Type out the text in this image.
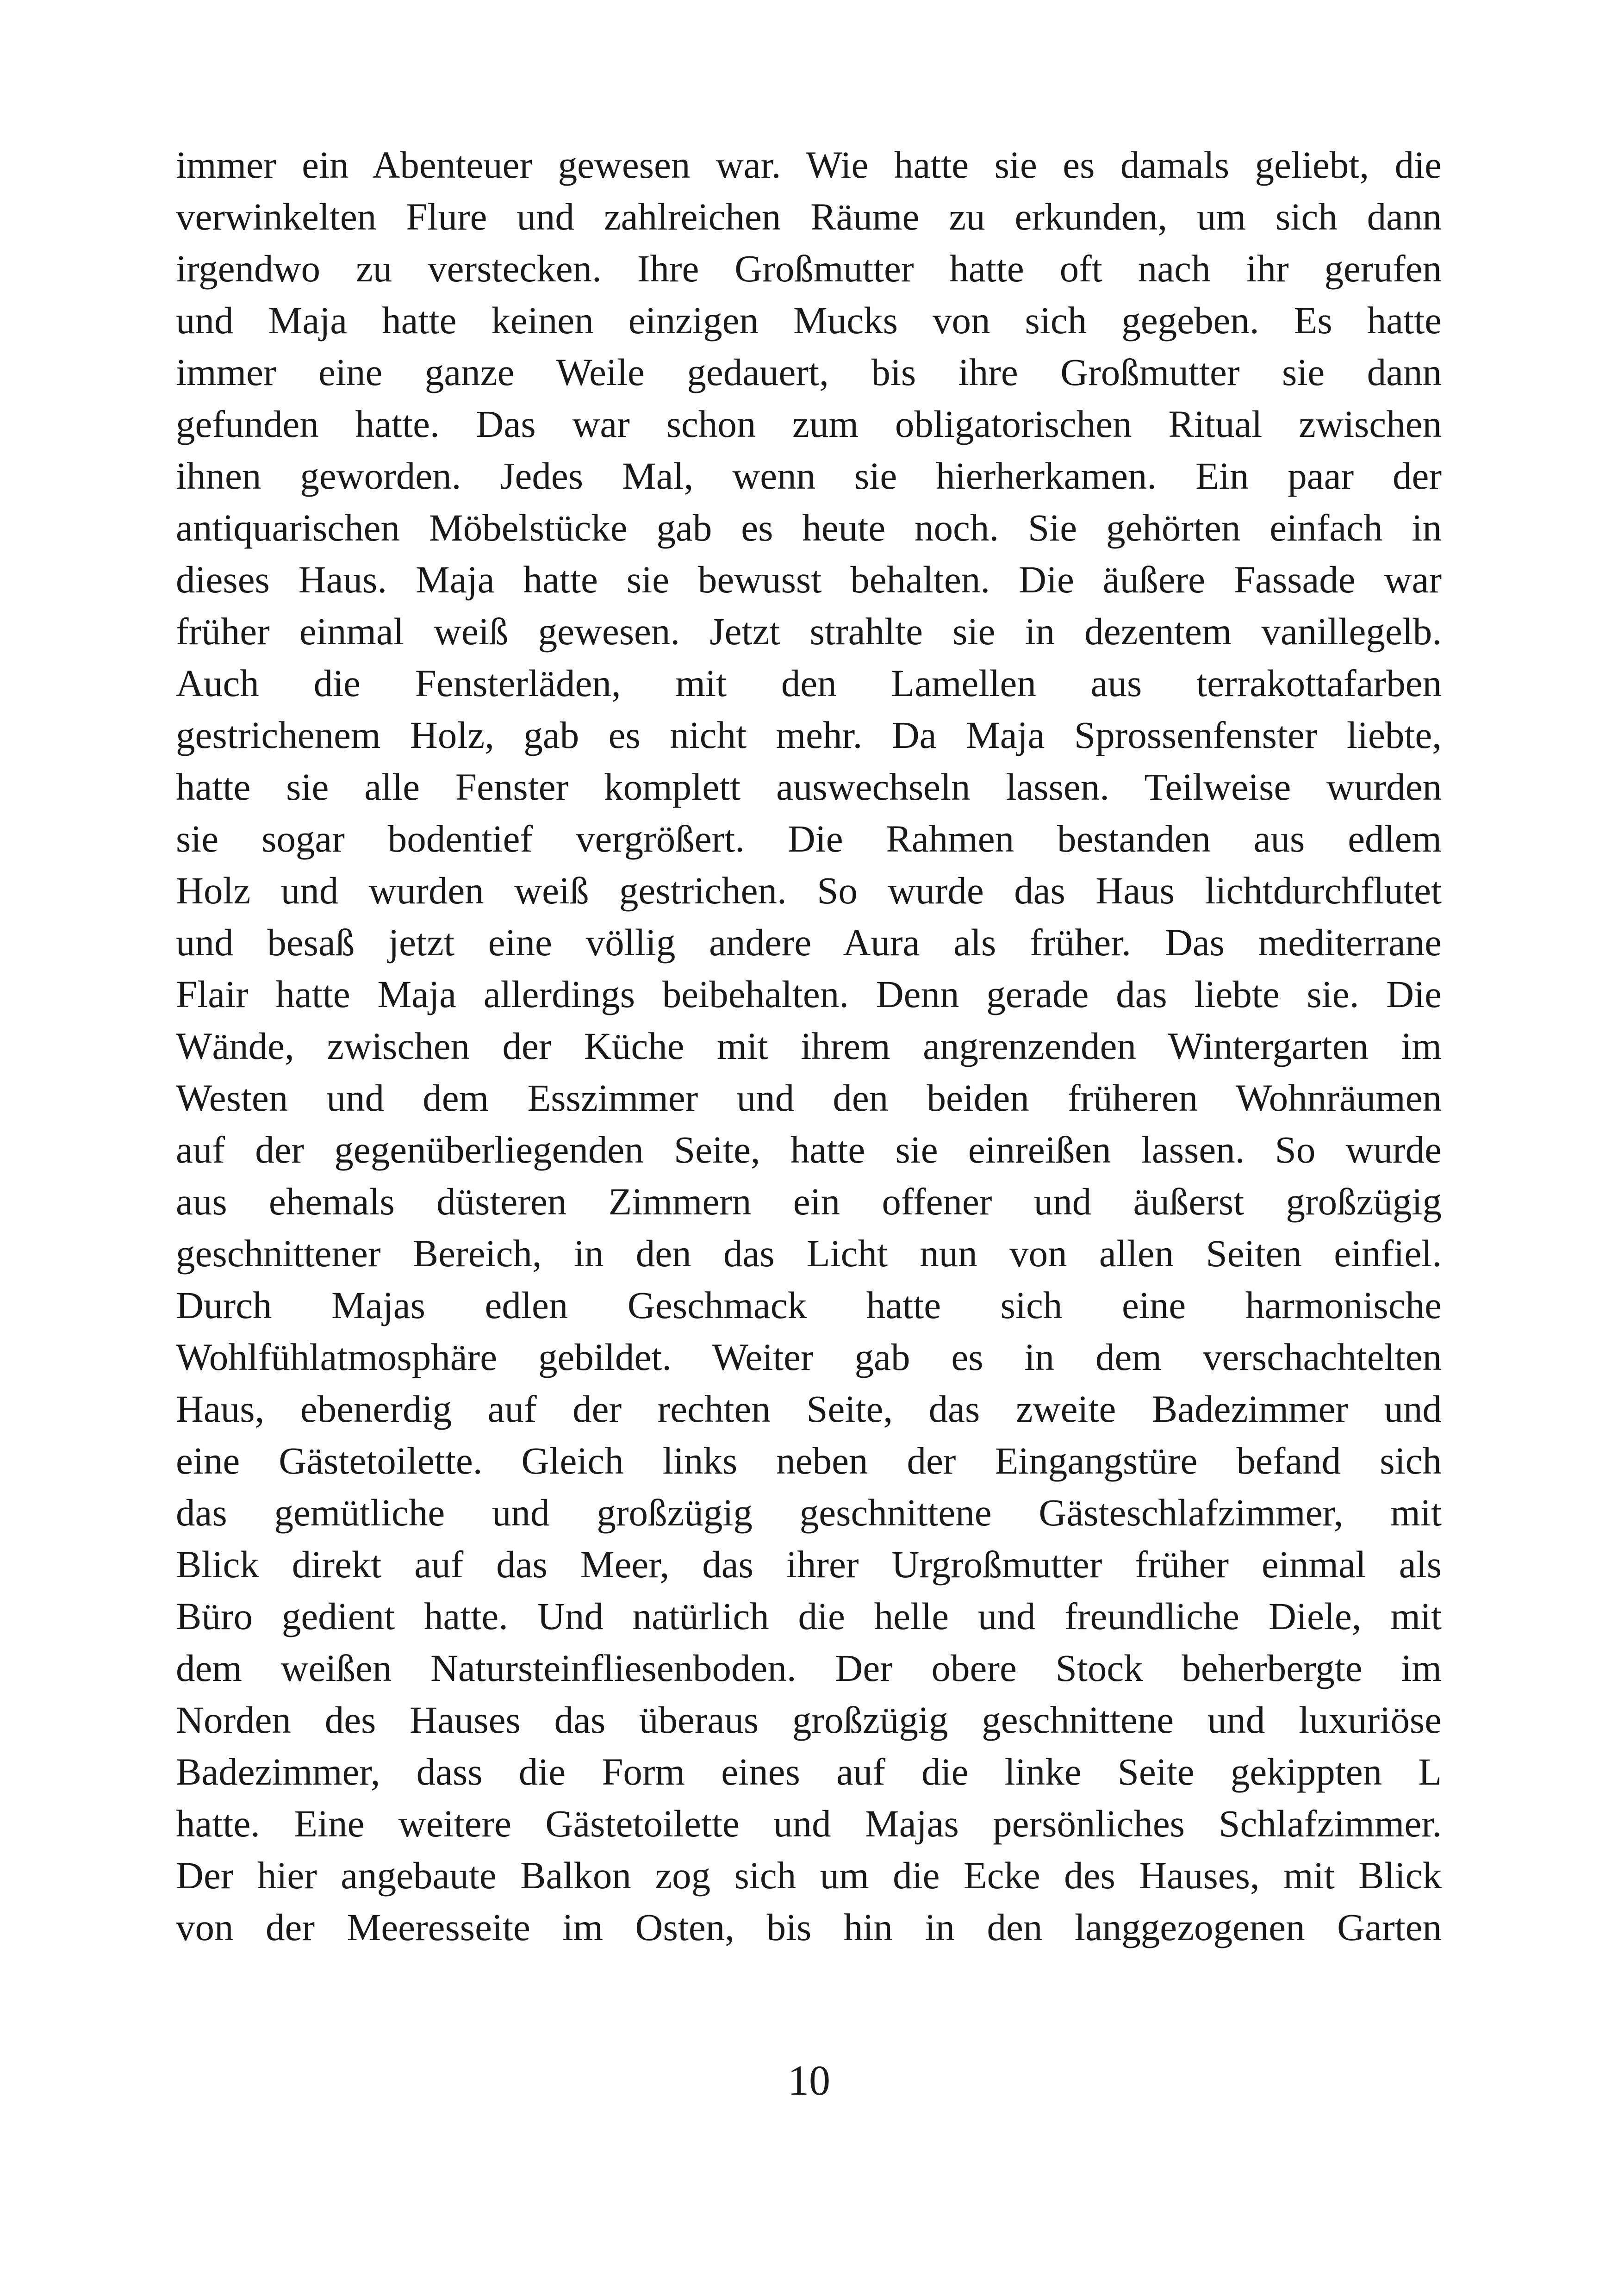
immer ein Abenteuer gewesen war. Wie hatte sie es damals geliebt, die
verwinkelten Flure und zahlreichen Räume zu erkunden, um sich dann
irgendwo zu verstecken. Ihre Großmutter hatte oft nach ihr gerufen
und Maja hatte keinen einzigen Mucks von sich gegeben. Es hatte
immer eine ganze Weile gedauert, bis ihre Großmutter sie dann
gefunden hatte. Das war schon zum obligatorischen Ritual zwischen
ihnen geworden. Jedes Mal, wenn sie hierherkamen. Ein paar der
antiquarischen Möbelstücke gab es heute noch. Sie gehörten einfach in
dieses Haus. Maja hatte sie bewusst behalten. Die äußere Fassade war
früher einmal weiß gewesen. Jetzt strahlte sie in dezentem vanillegelb.
Auch die Fensterläden, mit den Lamellen aus terrakottafarben
gestrichenem Holz, gab es nicht mehr. Da Maja Sprossenfenster liebte,
hatte sie alle Fenster komplett auswechseln lassen. Teilweise wurden
sie sogar bodentief vergrößert. Die Rahmen bestanden aus edlem
Holz und wurden weiß gestrichen. So wurde das Haus lichtdurchflutet
und besaß jetzt eine völlig andere Aura als früher. Das mediterrane
Flair hatte Maja allerdings beibehalten. Denn gerade das liebte sie. Die
Wände, zwischen der Küche mit ihrem angrenzenden Wintergarten im
Westen und dem Esszimmer und den beiden früheren Wohnräumen
auf der gegenüberliegenden Seite, hatte sie einreißen lassen. So wurde
aus ehemals düsteren Zimmern ein offener und äußerst großzügig
geschnittener Bereich, in den das Licht nun von allen Seiten einfiel.
Durch Majas edlen Geschmack hatte sich eine harmonische
Wohlfühlatmosphäre gebildet. Weiter gab es in dem verschachtelten
Haus, ebenerdig auf der rechten Seite, das zweite Badezimmer und
eine Gästetoilette. Gleich links neben der Eingangstüre befand sich
das gemütliche und großzügig geschnittene Gästeschlafzimmer, mit
Blick direkt auf das Meer, das ihrer Urgroßmutter früher einmal als
Büro gedient hatte. Und natürlich die helle und freundliche Diele, mit
dem weißen Natursteinfliesenboden. Der obere Stock beherbergte im
Norden des Hauses das überaus großzügig geschnittene und luxuriöse
Badezimmer, dass die Form eines auf die linke Seite gekippten L
hatte. Eine weitere Gästetoilette und Majas persönliches Schlafzimmer.
Der hier angebaute Balkon zog sich um die Ecke des Hauses, mit Blick
von der Meeresseite im Osten, bis hin in den langgezogenen Garten
10
